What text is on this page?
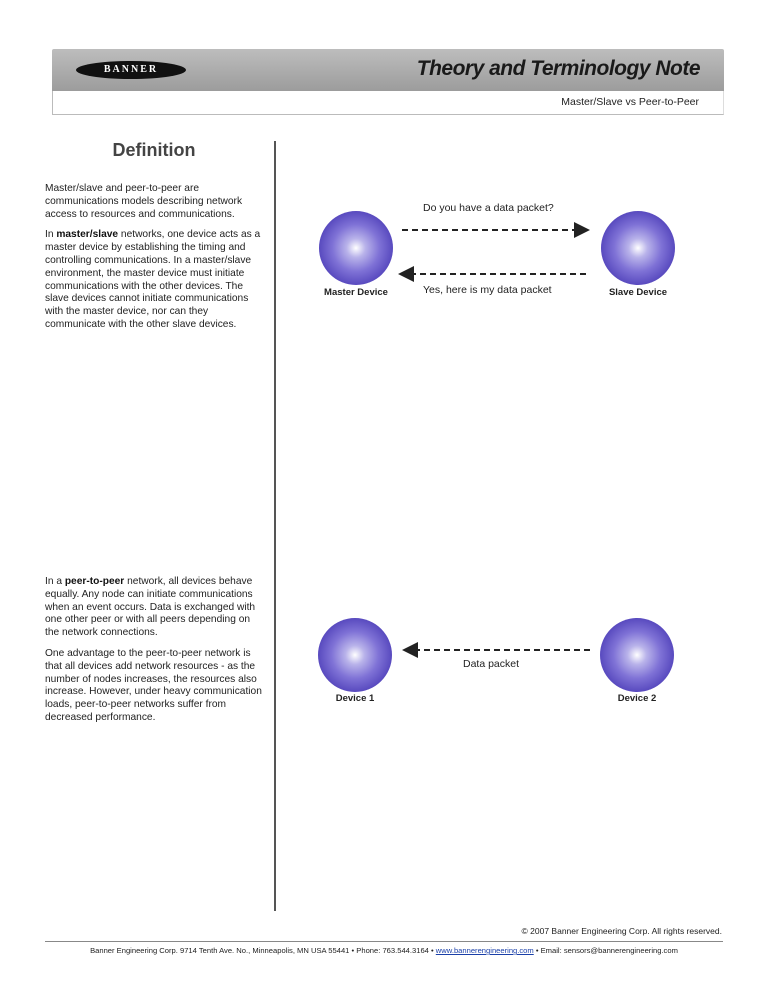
BANNER	Theory and Terminology Note
Master/Slave vs Peer-to-Peer
Definition

Master/slave and peer-to-peer are communications models describing network access to resources and communications.

In master/slave networks, one device acts as a master device by establishing the timing and controlling communications. In a master/slave environment, the master device must initiate communications with the other devices. The slave devices cannot initiate communications with the master device, nor can they communicate with the other slave devices.

In a peer-to-peer network, all devices behave equally. Any node can initiate communications when an event occurs. Data is exchanged with one other peer or with all peers depending on the network connections.

One advantage to the peer-to-peer network is that all devices add network resources - as the number of nodes increases, the resources also increase. However, under heavy communication loads, peer-to-peer networks suffer from decreased performance.

Master Device	Slave Device
Do you have a data packet?
Yes, here is my data packet
Device 1	Device 2
Data packet
© 2007 Banner Engineering Corp. All rights reserved.
Banner Engineering Corp. 9714 Tenth Ave. No., Minneapolis, MN USA 55441 • Phone: 763.544.3164 • www.bannerengineering.com • Email: sensors@bannerengineering.com
